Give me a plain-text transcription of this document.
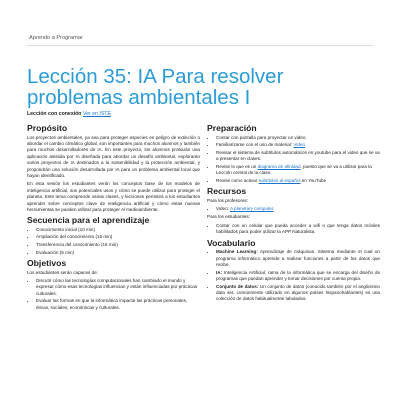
Aprendo a Programar
Lección 35: IA Para resolver problemas ambientales I
Lección con conexión Ver en ISTE
Propósito

Los proyectos ambientales, ya sea para proteger especies en peligro de extinción o abordar el cambio climático global, son importantes para muchos alumnos y también para muchos desarrolladores de IA. En este proyecto, los alumnos probarán una aplicación asistida por IA diseñada para abordar un desafío ambiental, explorarán varios proyectos de IA destinados a la sostenibilidad y la protección ambiental, y propondrán una solución desarrollada por IA para un problema ambiental local que hayan identificado.

En esta sesión los estudiantes verán los conceptos base de los modelos de inteligencia artificial, sus potenciales usos y cómo se puede utilizar para proteger el planeta. Este tema comprende varias clases, y lecciones permitirá a los estudiantes aprender sobre conceptos clave de inteligencia artificial y cómo estas nuevas herramientas se pueden utilizar para proteger el medioambiente.

Secuencia para el aprendizaje
• Conocimiento inicial (10 min)
• Ampliación del conocimiento (15 min)
• Transferencia del conocimiento (15 min)
• Evaluación (5 min)
Objetivos

Los estudiantes serán capaces de:

• Discutir cómo las tecnologías computacionales han cambiado el mundo y expresar cómo esas tecnologías influencian y están influenciadas por prácticas culturales.
• Evaluar las formas en que la informática impacta las prácticas personales, éticas, sociales, económicas y culturales.
Preparación
• Contar con pantalla para proyectar un video.
• Familiarizarse con el uso de material: Video
• Revisar el sistema de subtítulos automáticos en youtube para el video que se va a presentar en clases.
• Revise lo que es un diagrama de afinidad, puesto que se va a utilizar para la Lección central de la clase.
• Revise como activar subtítulos al español en YouTube
Recursos

Para los profesores:

• Video: A planetary computer

Para los estudiantes:

• Contar con un celular que pueda acceder a wifi o que tenga datos móviles habilitados para poder utilizar la APP Naturalista.
Vocabulario
• Machine Learning: Aprendizaje de máquinas. Sistema mediante el cual un programa informático aprende a realizar funciones a partir de los datos que recibe.
• IA: Inteligencia Artificial, rama de la informática que se encarga del diseño de programas que puedan aprender y tomar decisiones por cuenta propia.
• Conjunto de datos: Un conjunto de datos (conocido también por el anglicismo data set, comúnmente utilizado en algunos países hispanohablantes) es una colección de datos habitualmente tabulados.
